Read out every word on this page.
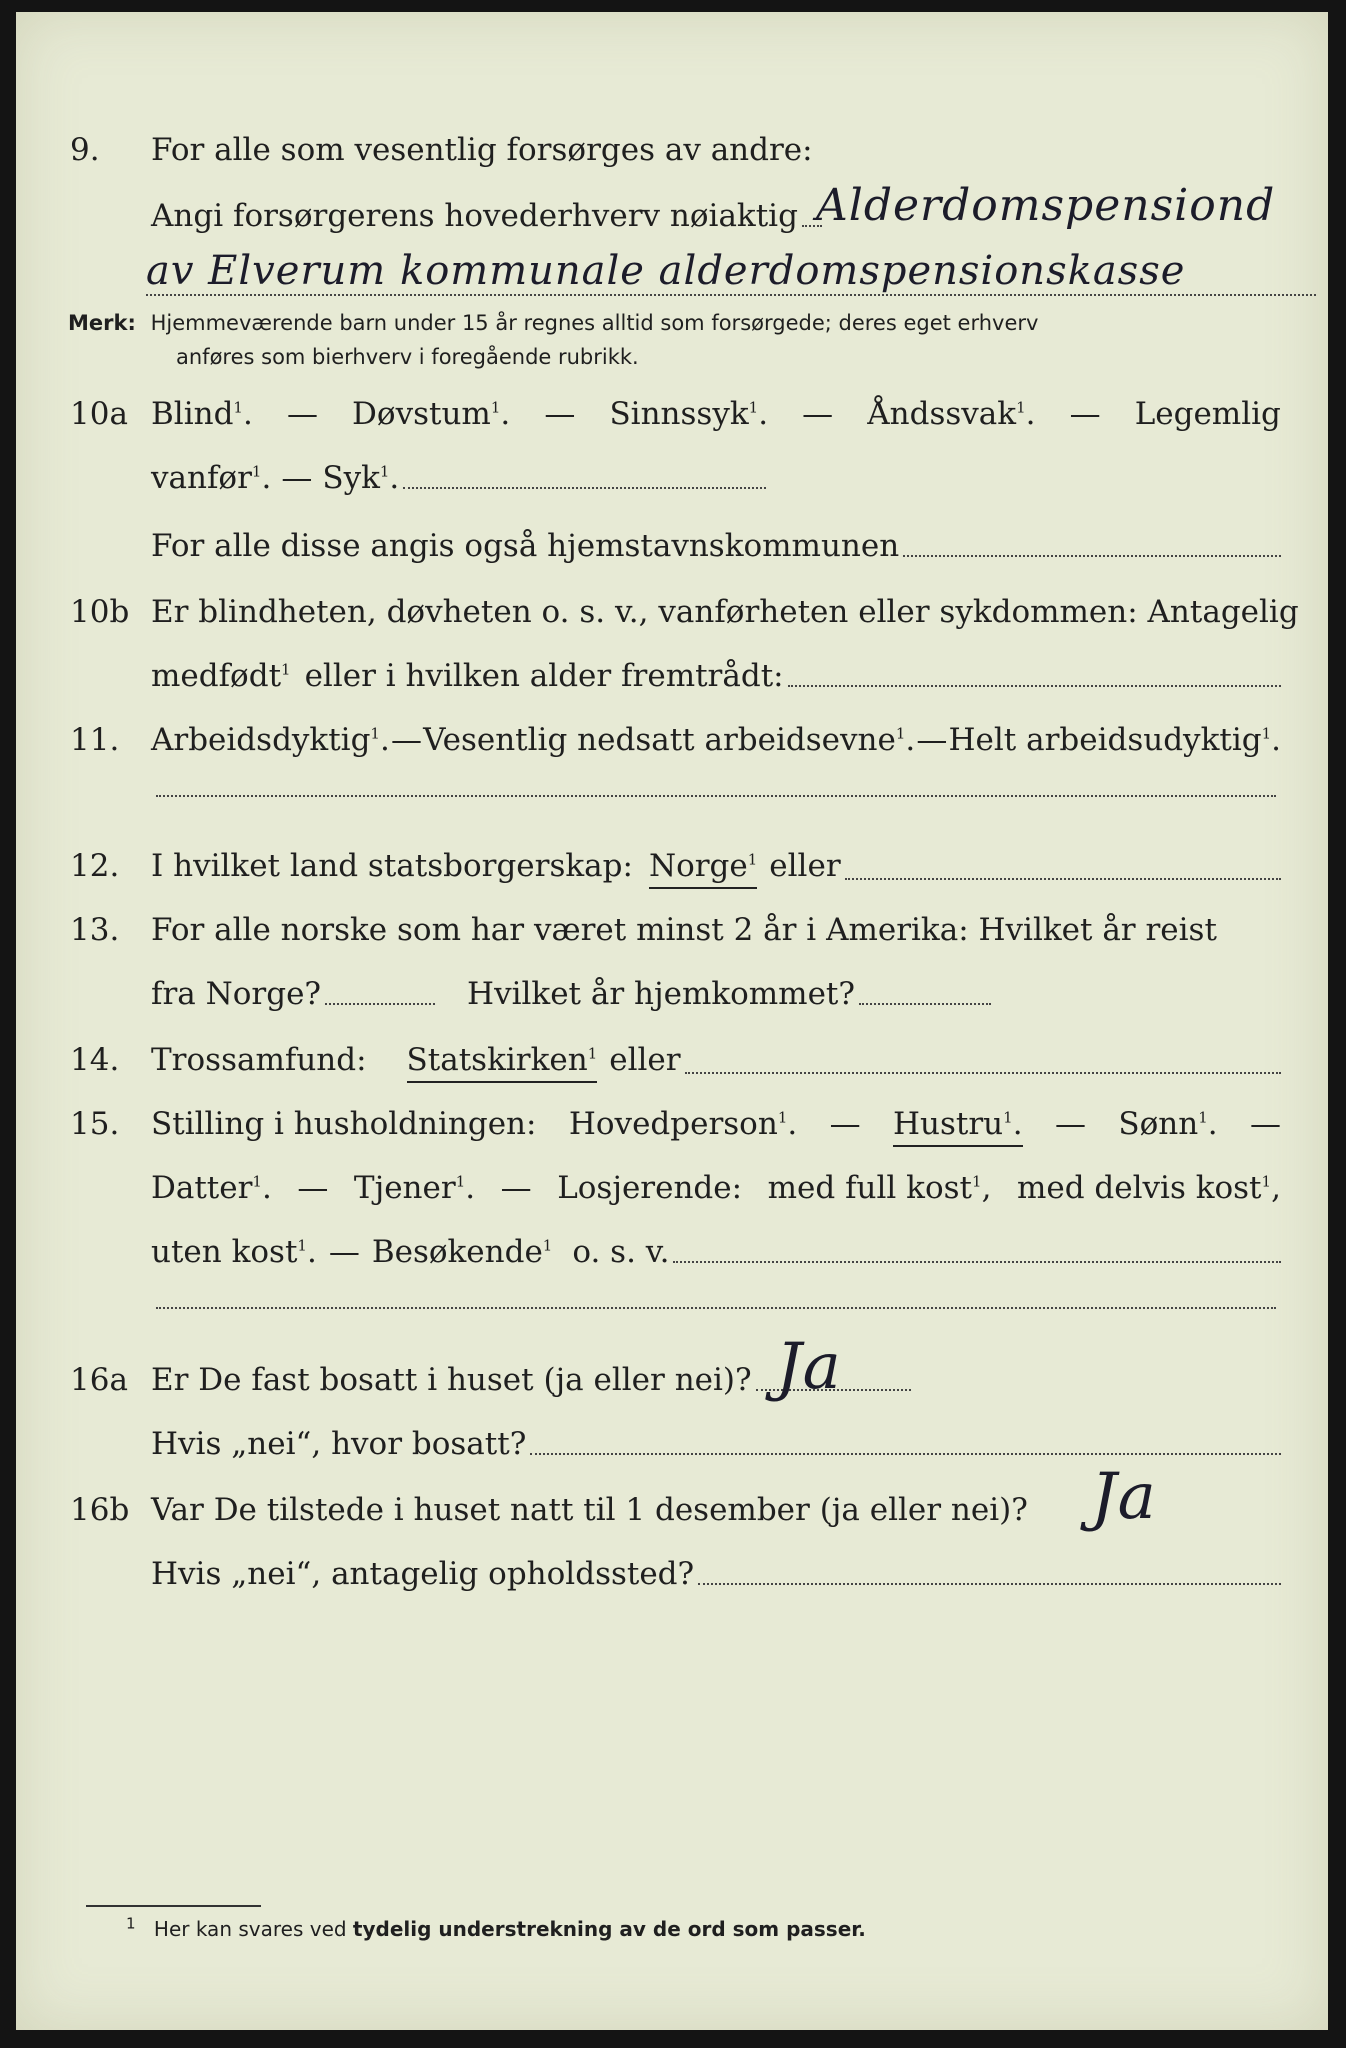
9.	For alle som vesentlig forsørges av andre:
Angi forsørgerens hovederhverv nøiaktig Alderdomspensiond
av Elverum kommunale alderdomspensionskasse
Merk: Hjemmeværende barn under 15 år regnes alltid som forsørgede; deres eget erhverv
anføres som bierhverv i foregående rubrikk.
10a Blind$^1$. — Døvstum$^1$. — Sinnssyk$^1$. — Åndssvak$^1$. — Legemlig
vanfør$^1$. — Syk$^1$.
For alle disse angis også hjemstavnskommunen
10b Er blindheten, døvheten o. s. v., vanførheten eller sykdommen: Antagelig
medfødt$^1$ eller i hvilken alder fremtrådt:
11.	Arbeidsdyktig$^1$. — Vesentlig nedsatt arbeidsevne$^1$. — Helt arbeidsudyktig$^1$.
12.	I hvilket land statsborgerskap: Norge$^1$ eller
13.	For alle norske som har været minst 2 år i Amerika: Hvilket år reist
fra Norge?	Hvilket år hjemkommet?
14.	Trossamfund: Statskirken$^1$ eller
15.	Stilling i husholdningen: Hovedperson$^1$. — Hustru$^1$. — Sønn$^1$. —
Datter$^1$. — Tjener$^1$. — Losjerende: med full kost$^1$, med delvis kost$^1$,
uten kost$^1$. — Besøkende$^1$ o. s. v.
16a Er De fast bosatt i huset (ja eller nei)? Ja
Hvis „nei“, hvor bosatt?
16b Var De tilstede i huset natt til 1 desember (ja eller nei)? Ja
Hvis „nei“, antagelig opholdssted?
$^1$ Her kan svares ved tydelig understrekning av de ord som passer.
